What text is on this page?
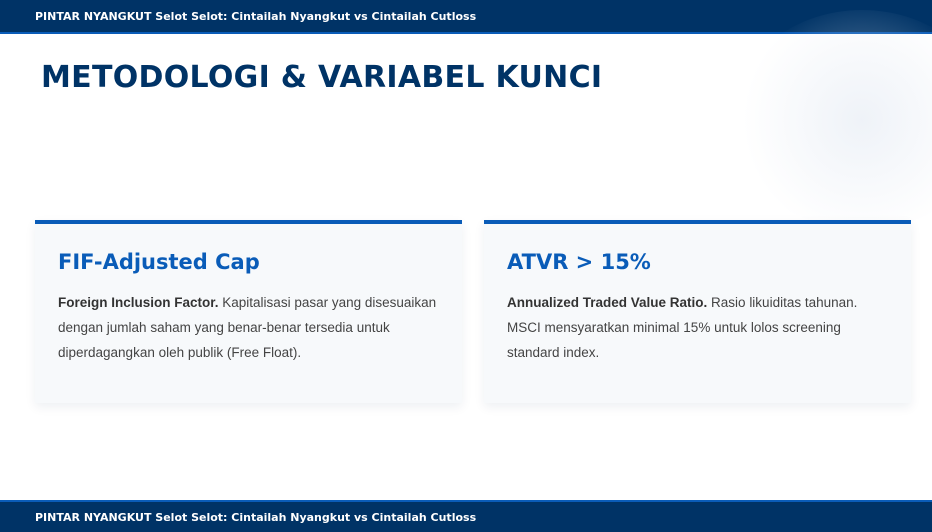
PINTAR NYANGKUT Selot Selot: Cintailah Nyangkut vs Cintailah Cutloss
METODOLOGI & VARIABEL KUNCI
FIF-Adjusted Cap

Foreign Inclusion Factor. Kapitalisasi pasar yang disesuaikan dengan jumlah saham yang benar-benar tersedia untuk diperdagangkan oleh publik (Free Float).

ATVR > 15%

Annualized Traded Value Ratio. Rasio likuiditas tahunan. MSCI mensyaratkan minimal 15% untuk lolos screening standard index.

PINTAR NYANGKUT Selot Selot: Cintailah Nyangkut vs Cintailah Cutloss
